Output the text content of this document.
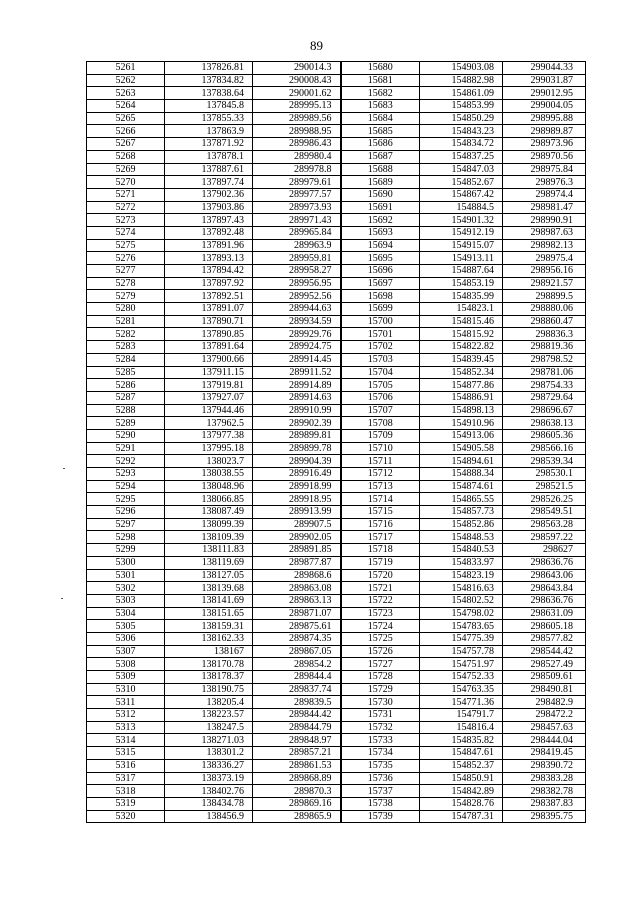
89
5261	137826.81	290014.3	15680	154903.08	299044.33
5262	137834.82	290008.43	15681	154882.98	299031.87
5263	137838.64	290001.62	15682	154861.09	299012.95
5264	137845.8	289995.13	15683	154853.99	299004.05
5265	137855.33	289989.56	15684	154850.29	298995.88
5266	137863.9	289988.95	15685	154843.23	298989.87
5267	137871.92	289986.43	15686	154834.72	298973.96
5268	137878.1	289980.4	15687	154837.25	298970.56
5269	137887.61	289978.8	15688	154847.03	298975.84
5270	137897.74	289979.61	15689	154852.67	298976.3
5271	137902.36	289977.57	15690	154867.42	298974.4
5272	137903.86	289973.93	15691	154884.5	298981.47
5273	137897.43	289971.43	15692	154901.32	298990.91
5274	137892.48	289965.84	15693	154912.19	298987.63
5275	137891.96	289963.9	15694	154915.07	298982.13
5276	137893.13	289959.81	15695	154913.11	298975.4
5277	137894.42	289958.27	15696	154887.64	298956.16
5278	137897.92	289956.95	15697	154853.19	298921.57
5279	137892.51	289952.56	15698	154835.99	298899.5
5280	137891.07	289944.63	15699	154823.1	298880.06
5281	137890.71	289934.59	15700	154815.46	298860.47
5282	137890.85	289929.76	15701	154815.92	298836.3
5283	137891.64	289924.75	15702	154822.82	298819.36
5284	137900.66	289914.45	15703	154839.45	298798.52
5285	137911.15	289911.52	15704	154852.34	298781.06
5286	137919.81	289914.89	15705	154877.86	298754.33
5287	137927.07	289914.63	15706	154886.91	298729.64
5288	137944.46	289910.99	15707	154898.13	298696.67
5289	137962.5	289902.39	15708	154910.96	298638.13
5290	137977.38	289899.81	15709	154913.06	298605.36
5291	137995.18	289899.78	15710	154905.58	298566.16
5292	138023.7	289904.39	15711	154894.61	298539.34
5293	138038.55	289916.49	15712	154888.34	298530.1
5294	138048.96	289918.99	15713	154874.61	298521.5
5295	138066.85	289918.95	15714	154865.55	298526.25
5296	138087.49	289913.99	15715	154857.73	298549.51
5297	138099.39	289907.5	15716	154852.86	298563.28
5298	138109.39	289902.05	15717	154848.53	298597.22
5299	138111.83	289891.85	15718	154840.53	298627
5300	138119.69	289877.87	15719	154833.97	298636.76
5301	138127.05	289868.6	15720	154823.19	298643.06
5302	138139.68	289863.08	15721	154816.63	298643.84
5303	138141.69	289863.13	15722	154802.52	298636.76
5304	138151.65	289871.07	15723	154798.02	298631.09
5305	138159.31	289875.61	15724	154783.65	298605.18
5306	138162.33	289874.35	15725	154775.39	298577.82
5307	138167	289867.05	15726	154757.78	298544.42
5308	138170.78	289854.2	15727	154751.97	298527.49
5309	138178.37	289844.4	15728	154752.33	298509.61
5310	138190.75	289837.74	15729	154763.35	298490.81
5311	138205.4	289839.5	15730	154771.36	298482.9
5312	138223.57	289844.42	15731	154791.7	298472.2
5313	138247.5	289844.79	15732	154816.4	298457.63
5314	138271.03	289848.97	15733	154835.82	298444.04
5315	138301.2	289857.21	15734	154847.61	298419.45
5316	138336.27	289861.53	15735	154852.37	298390.72
5317	138373.19	289868.89	15736	154850.91	298383.28
5318	138402.76	289870.3	15737	154842.89	298382.78
5319	138434.78	289869.16	15738	154828.76	298387.83
5320	138456.9	289865.9	15739	154787.31	298395.75
